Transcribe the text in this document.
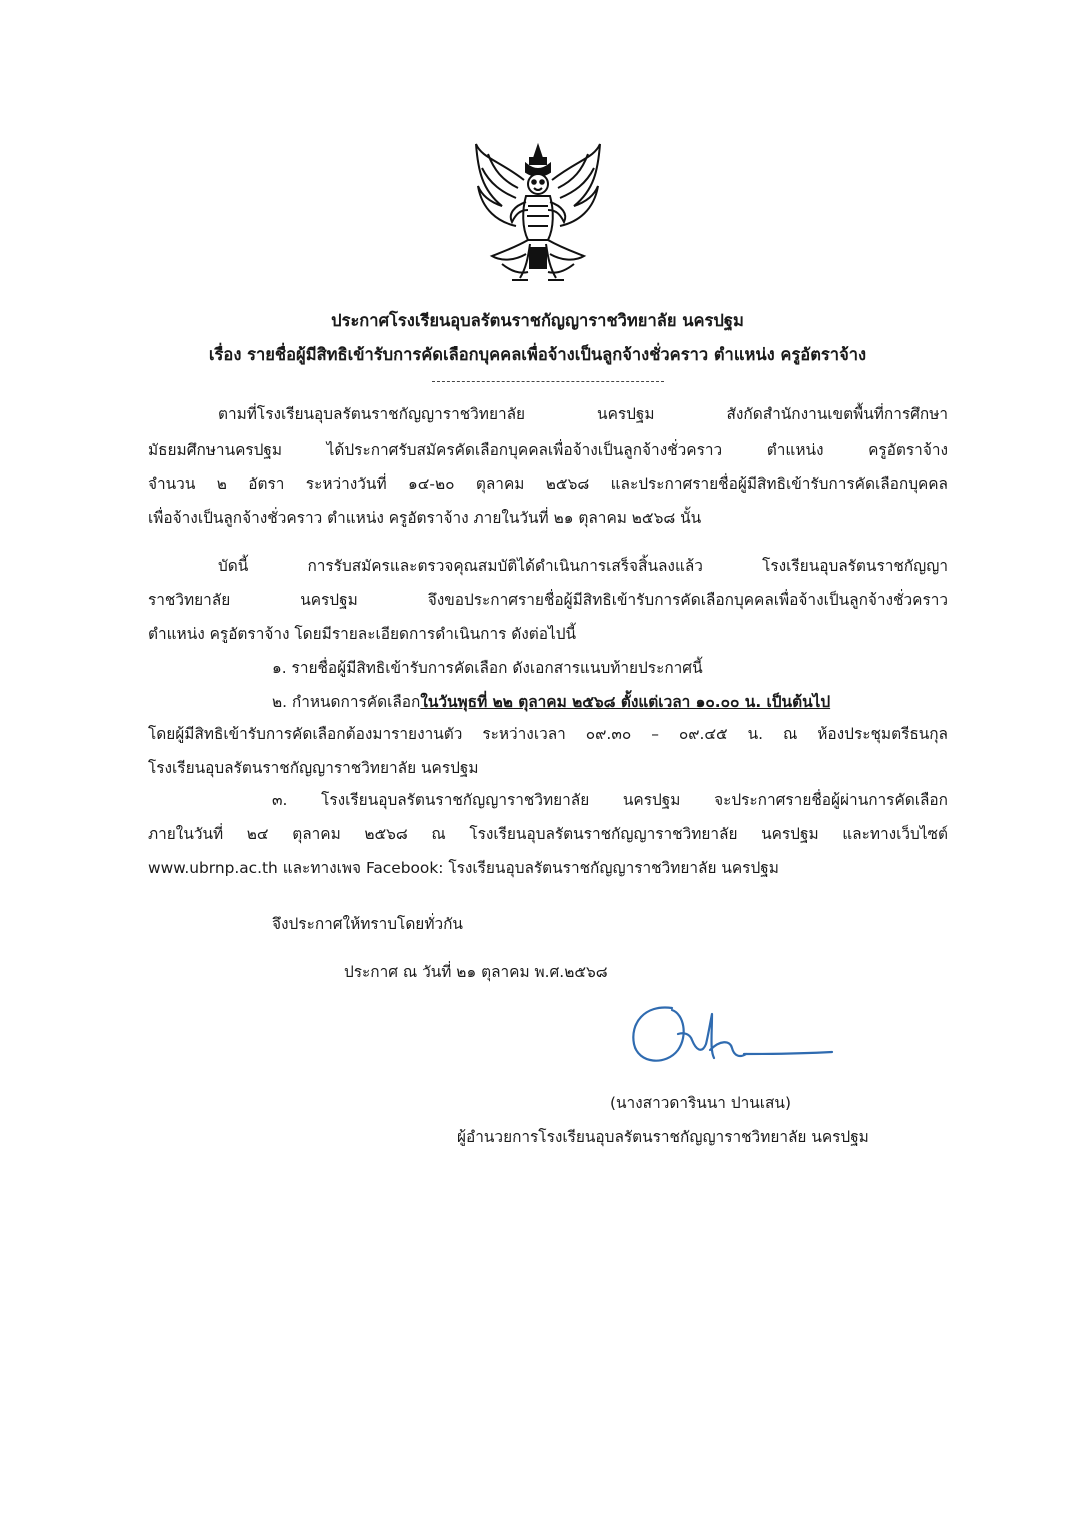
ประกาศโรงเรียนอุบลรัตนราชกัญญาราชวิทยาลัย นครปฐม
เรื่อง รายชื่อผู้มีสิทธิเข้ารับการคัดเลือกบุคคลเพื่อจ้างเป็นลูกจ้างชั่วคราว ตำแหน่ง ครูอัตราจ้าง
ตามที่โรงเรียนอุบลรัตนราชกัญญาราชวิทยาลัย นครปฐม สังกัดสำนักงานเขตพื้นที่การศึกษา
มัธยมศึกษานครปฐม ได้ประกาศรับสมัครคัดเลือกบุคคลเพื่อจ้างเป็นลูกจ้างชั่วคราว ตำแหน่ง ครูอัตราจ้าง
จำนวน ๒ อัตรา ระหว่างวันที่ ๑๔-๒๐ ตุลาคม ๒๕๖๘ และประกาศรายชื่อผู้มีสิทธิเข้ารับการคัดเลือกบุคคล
เพื่อจ้างเป็นลูกจ้างชั่วคราว ตำแหน่ง ครูอัตราจ้าง ภายในวันที่ ๒๑ ตุลาคม ๒๕๖๘ นั้น
บัดนี้ การรับสมัครและตรวจคุณสมบัติได้ดำเนินการเสร็จสิ้นลงแล้ว โรงเรียนอุบลรัตนราชกัญญา
ราชวิทยาลัย นครปฐม จึงขอประกาศรายชื่อผู้มีสิทธิเข้ารับการคัดเลือกบุคคลเพื่อจ้างเป็นลูกจ้างชั่วคราว
ตำแหน่ง ครูอัตราจ้าง โดยมีรายละเอียดการดำเนินการ ดังต่อไปนี้
๑. รายชื่อผู้มีสิทธิเข้ารับการคัดเลือก ดังเอกสารแนบท้ายประกาศนี้
๒. กำหนดการคัดเลือกในวันพุธที่ ๒๒ ตุลาคม ๒๕๖๘ ตั้งแต่เวลา ๑๐.๐๐ น. เป็นต้นไป
โดยผู้มีสิทธิเข้ารับการคัดเลือกต้องมารายงานตัว ระหว่างเวลา ๐๙.๓๐ – ๐๙.๔๕ น. ณ ห้องประชุมตรีธนกุล
โรงเรียนอุบลรัตนราชกัญญาราชวิทยาลัย นครปฐม
๓. โรงเรียนอุบลรัตนราชกัญญาราชวิทยาลัย นครปฐม จะประกาศรายชื่อผู้ผ่านการคัดเลือก
ภายในวันที่ ๒๔ ตุลาคม ๒๕๖๘ ณ โรงเรียนอุบลรัตนราชกัญญาราชวิทยาลัย นครปฐม และทางเว็บไซต์
www.ubrnp.ac.th และทางเพจ Facebook: โรงเรียนอุบลรัตนราชกัญญาราชวิทยาลัย นครปฐม
จึงประกาศให้ทราบโดยทั่วกัน
ประกาศ ณ วันที่ ๒๑ ตุลาคม พ.ศ.๒๕๖๘
(นางสาวดารินนา ปานเสน)
ผู้อำนวยการโรงเรียนอุบลรัตนราชกัญญาราชวิทยาลัย นครปฐม
